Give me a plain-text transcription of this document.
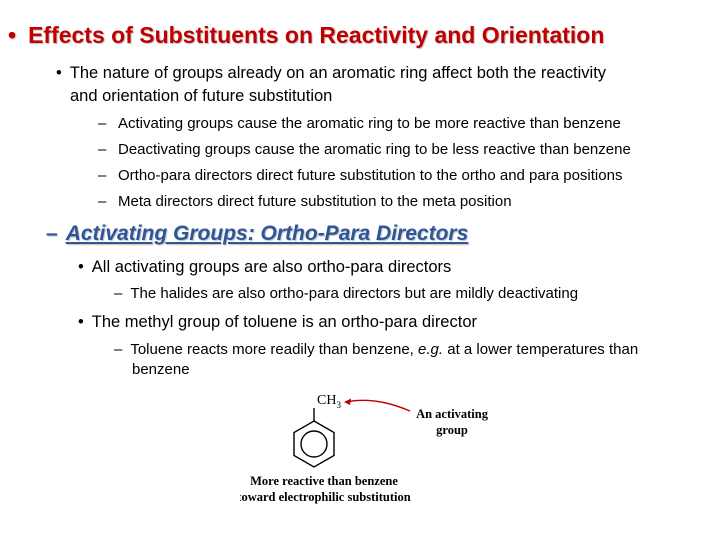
• Effects of Substituents on Reactivity and Orientation
• The nature of groups already on an aromatic ring affect both the reactivity
and orientation of future substitution
– Activating groups cause the aromatic ring to be more reactive than benzene
– Deactivating groups cause the aromatic ring to be less reactive than benzene
– Ortho-para directors direct future substitution to the ortho and para positions
– Meta directors direct future substitution to the meta position
– Activating Groups: Ortho-Para Directors
• All activating groups are also ortho-para directors
– The halides are also ortho-para directors but are mildly deactivating
• The methyl group of toluene is an ortho-para director
– Toluene reacts more readily than benzene, e.g. at a lower temperatures than
benzene
$CH_3$
An activating
group
More reactive than benzene
toward electrophilic substitution
